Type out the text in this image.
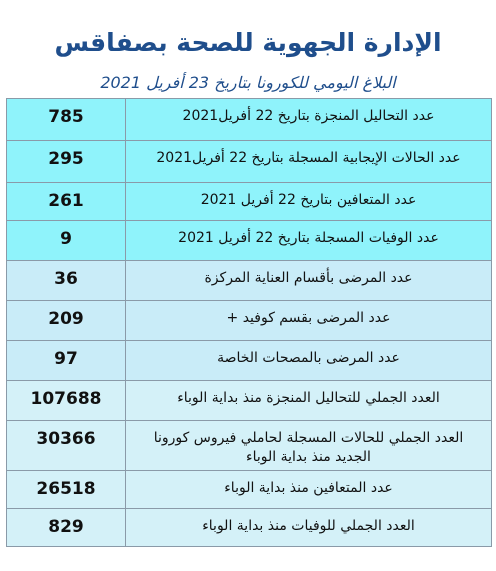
الإدارة الجهوية للصحة بصفاقس
البلاغ اليومي للكورونا بتاريخ 23 أفريل 2021
785	عدد التحاليل المنجزة بتاريخ 22 أفريل2021
295	عدد الحالات الإيجابية المسجلة بتاريخ 22 أفريل2021
261	عدد المتعافين بتاريخ 22 أفريل 2021
9	عدد الوفيات المسجلة بتاريخ 22 أفريل 2021
36	عدد المرضى بأقسام العناية المركزة
209	عدد المرضى بقسم كوفيد +
97	عدد المرضى بالمصحات الخاصة
107688	العدد الجملي للتحاليل المنجزة منذ بداية الوباء
30366	العدد الجملي للحالات المسجلة لحاملي فيروس كورونا الجديد منذ بداية الوباء
26518	عدد المتعافين منذ بداية الوباء
829	العدد الجملي للوفيات منذ بداية الوباء
